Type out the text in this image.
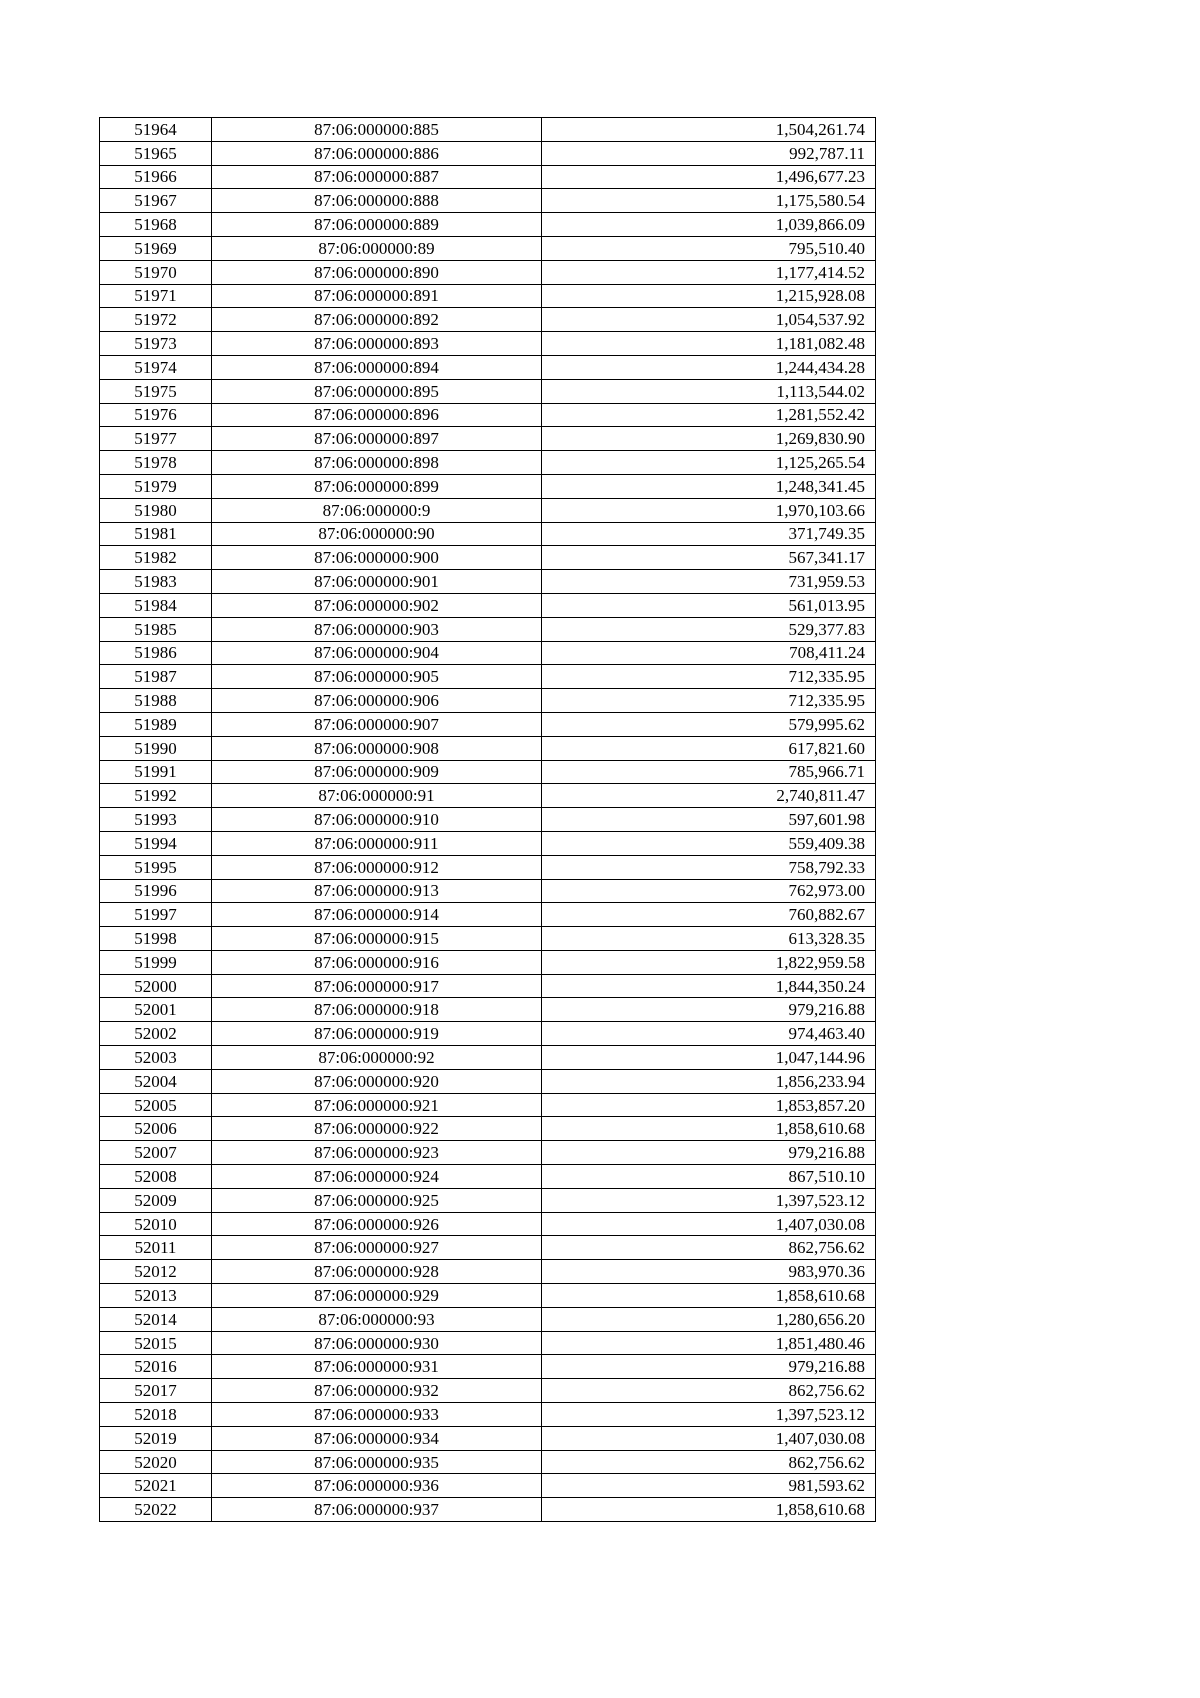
51964	87:06:000000:885	1,504,261.74
51965	87:06:000000:886	992,787.11
51966	87:06:000000:887	1,496,677.23
51967	87:06:000000:888	1,175,580.54
51968	87:06:000000:889	1,039,866.09
51969	87:06:000000:89	795,510.40
51970	87:06:000000:890	1,177,414.52
51971	87:06:000000:891	1,215,928.08
51972	87:06:000000:892	1,054,537.92
51973	87:06:000000:893	1,181,082.48
51974	87:06:000000:894	1,244,434.28
51975	87:06:000000:895	1,113,544.02
51976	87:06:000000:896	1,281,552.42
51977	87:06:000000:897	1,269,830.90
51978	87:06:000000:898	1,125,265.54
51979	87:06:000000:899	1,248,341.45
51980	87:06:000000:9	1,970,103.66
51981	87:06:000000:90	371,749.35
51982	87:06:000000:900	567,341.17
51983	87:06:000000:901	731,959.53
51984	87:06:000000:902	561,013.95
51985	87:06:000000:903	529,377.83
51986	87:06:000000:904	708,411.24
51987	87:06:000000:905	712,335.95
51988	87:06:000000:906	712,335.95
51989	87:06:000000:907	579,995.62
51990	87:06:000000:908	617,821.60
51991	87:06:000000:909	785,966.71
51992	87:06:000000:91	2,740,811.47
51993	87:06:000000:910	597,601.98
51994	87:06:000000:911	559,409.38
51995	87:06:000000:912	758,792.33
51996	87:06:000000:913	762,973.00
51997	87:06:000000:914	760,882.67
51998	87:06:000000:915	613,328.35
51999	87:06:000000:916	1,822,959.58
52000	87:06:000000:917	1,844,350.24
52001	87:06:000000:918	979,216.88
52002	87:06:000000:919	974,463.40
52003	87:06:000000:92	1,047,144.96
52004	87:06:000000:920	1,856,233.94
52005	87:06:000000:921	1,853,857.20
52006	87:06:000000:922	1,858,610.68
52007	87:06:000000:923	979,216.88
52008	87:06:000000:924	867,510.10
52009	87:06:000000:925	1,397,523.12
52010	87:06:000000:926	1,407,030.08
52011	87:06:000000:927	862,756.62
52012	87:06:000000:928	983,970.36
52013	87:06:000000:929	1,858,610.68
52014	87:06:000000:93	1,280,656.20
52015	87:06:000000:930	1,851,480.46
52016	87:06:000000:931	979,216.88
52017	87:06:000000:932	862,756.62
52018	87:06:000000:933	1,397,523.12
52019	87:06:000000:934	1,407,030.08
52020	87:06:000000:935	862,756.62
52021	87:06:000000:936	981,593.62
52022	87:06:000000:937	1,858,610.68
